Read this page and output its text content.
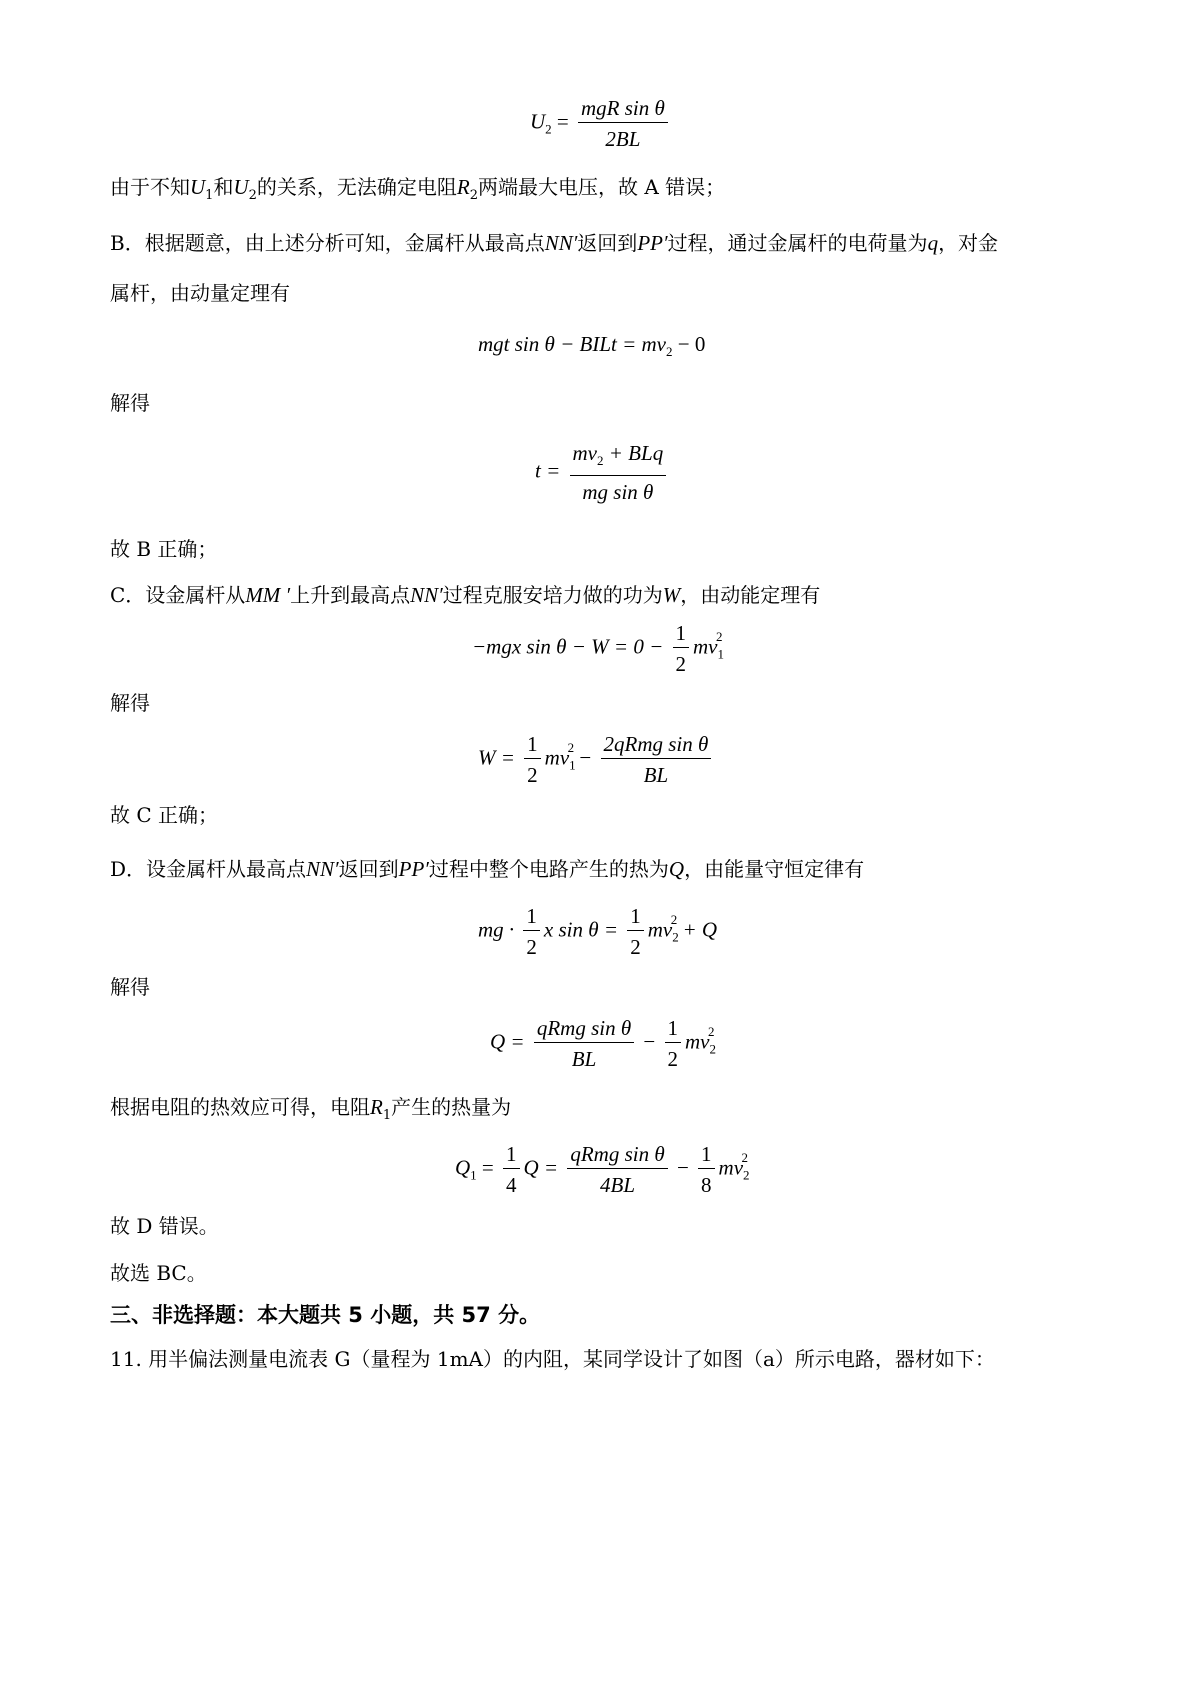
$U_2 = \frac{\text{mgR sin θ}}{2BL}$
由于不知$U_1$和$U_2$的关系，无法确定电阻$R_2$两端最大电压，故 A 错误；
B．根据题意，由上述分析可知，金属杆从最高点NN′返回到PP′过程，通过金属杆的电荷量为q，对金
属杆，由动量定理有
mgt sin θ − BILt = $mv_2 - 0$
解得
$t = \frac{mv_2 + BLq}{\text{mg sin θ}}$
故 B 正确；
C．设金属杆从MM ′上升到最高点NN′过程克服安培力做的功为W，由动能定理有
−mgx $\sin \theta - W = 0 - \frac{1}{2} mv_1^2$
解得
$W = \frac{1}{2} mv_1^2 - \frac{\text{2qRmg sin θ}}{BL}$
故 C 正确；
D．设金属杆从最高点NN′返回到PP′过程中整个电路产生的热为Q，由能量守恒定律有
mg · $\frac{1}{2}$ x $\sin \theta = \frac{1}{2} mv_2^2 + Q$
解得
$Q = \frac{\text{qRmg sin θ}}{BL} - \frac{1}{2} mv_2^2$
根据电阻的热效应可得，电阻$R_1$产生的热量为
$Q_1 = \frac{1}{4}$ $Q = \frac{\text{qRmg sin θ}}{4BL} - \frac{1}{8} mv_2^2$
故 D 错误。
故选 BC。
三、非选择题：本大题共 5 小题，共 57 分。
11. 用半偏法测量电流表 G（量程为 1mA）的内阻，某同学设计了如图（a）所示电路，器材如下：
